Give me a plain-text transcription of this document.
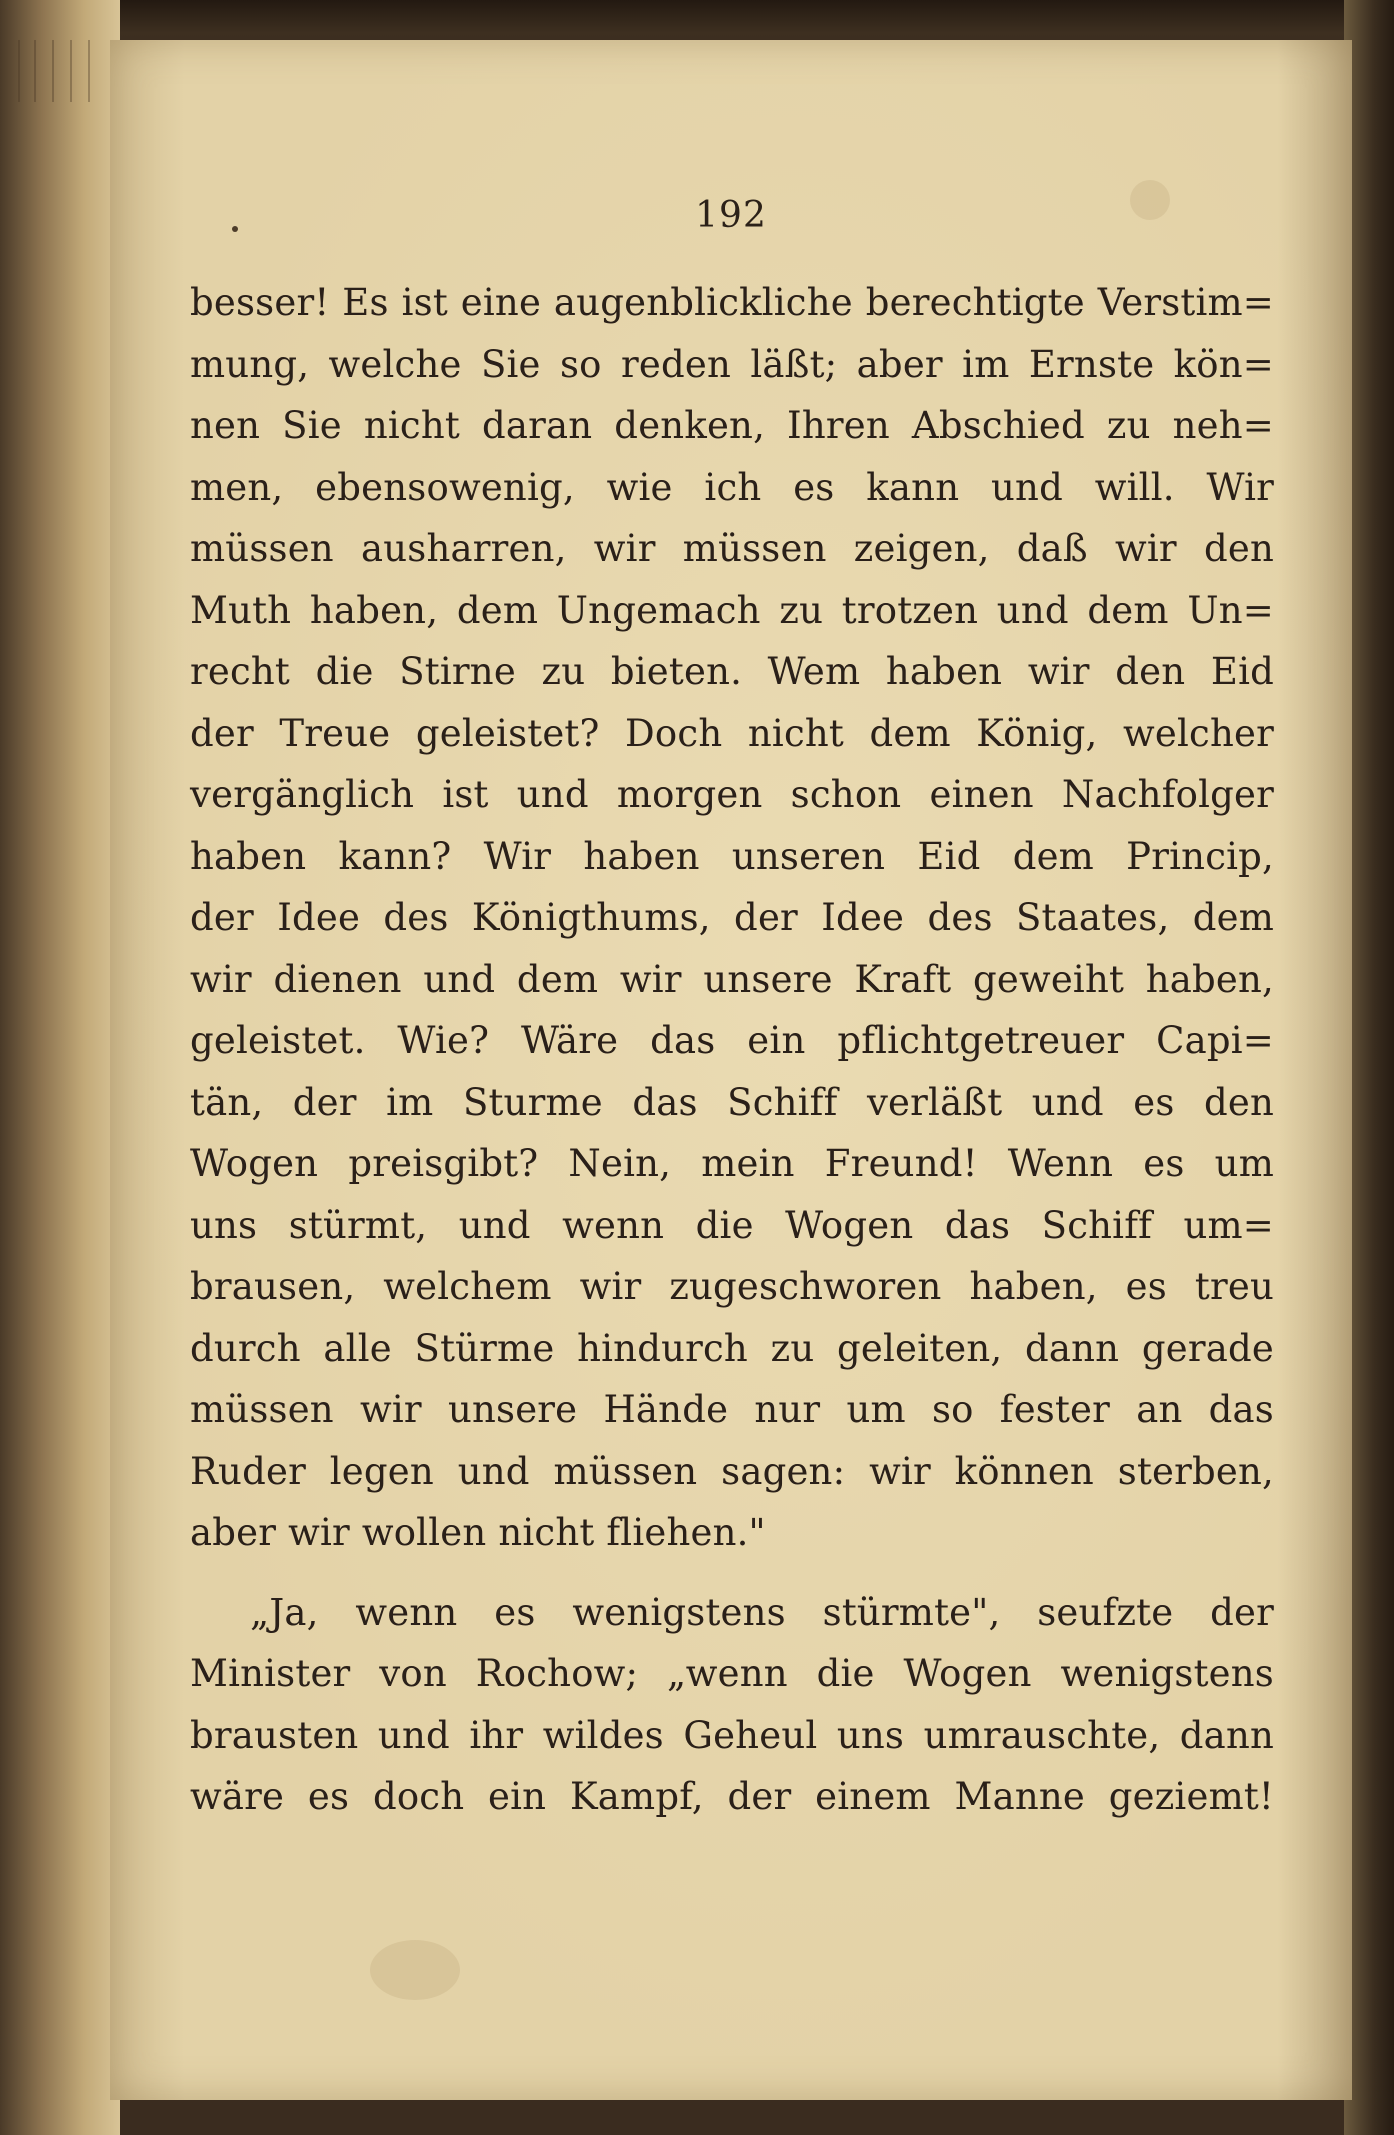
192
besser! Es ist eine augenblickliche berechtigte Verstim=
mung, welche Sie so reden läßt; aber im Ernste kön=
nen Sie nicht daran denken, Ihren Abschied zu neh=
men, ebensowenig, wie ich es kann und will. Wir
müssen ausharren, wir müssen zeigen, daß wir den
Muth haben, dem Ungemach zu trotzen und dem Un=
recht die Stirne zu bieten. Wem haben wir den Eid
der Treue geleistet? Doch nicht dem König, welcher
vergänglich ist und morgen schon einen Nachfolger
haben kann? Wir haben unseren Eid dem Princip,
der Idee des Königthums, der Idee des Staates, dem
wir dienen und dem wir unsere Kraft geweiht haben,
geleistet. Wie? Wäre das ein pflichtgetreuer Capi=
tän, der im Sturme das Schiff verläßt und es den
Wogen preisgibt? Nein, mein Freund! Wenn es um
uns stürmt, und wenn die Wogen das Schiff um=
brausen, welchem wir zugeschworen haben, es treu
durch alle Stürme hindurch zu geleiten, dann gerade
müssen wir unsere Hände nur um so fester an das
Ruder legen und müssen sagen: wir können sterben,
aber wir wollen nicht fliehen."
„Ja, wenn es wenigstens stürmte", seufzte der
Minister von Rochow; „wenn die Wogen wenigstens
brausten und ihr wildes Geheul uns umrauschte, dann
wäre es doch ein Kampf, der einem Manne geziemt!
